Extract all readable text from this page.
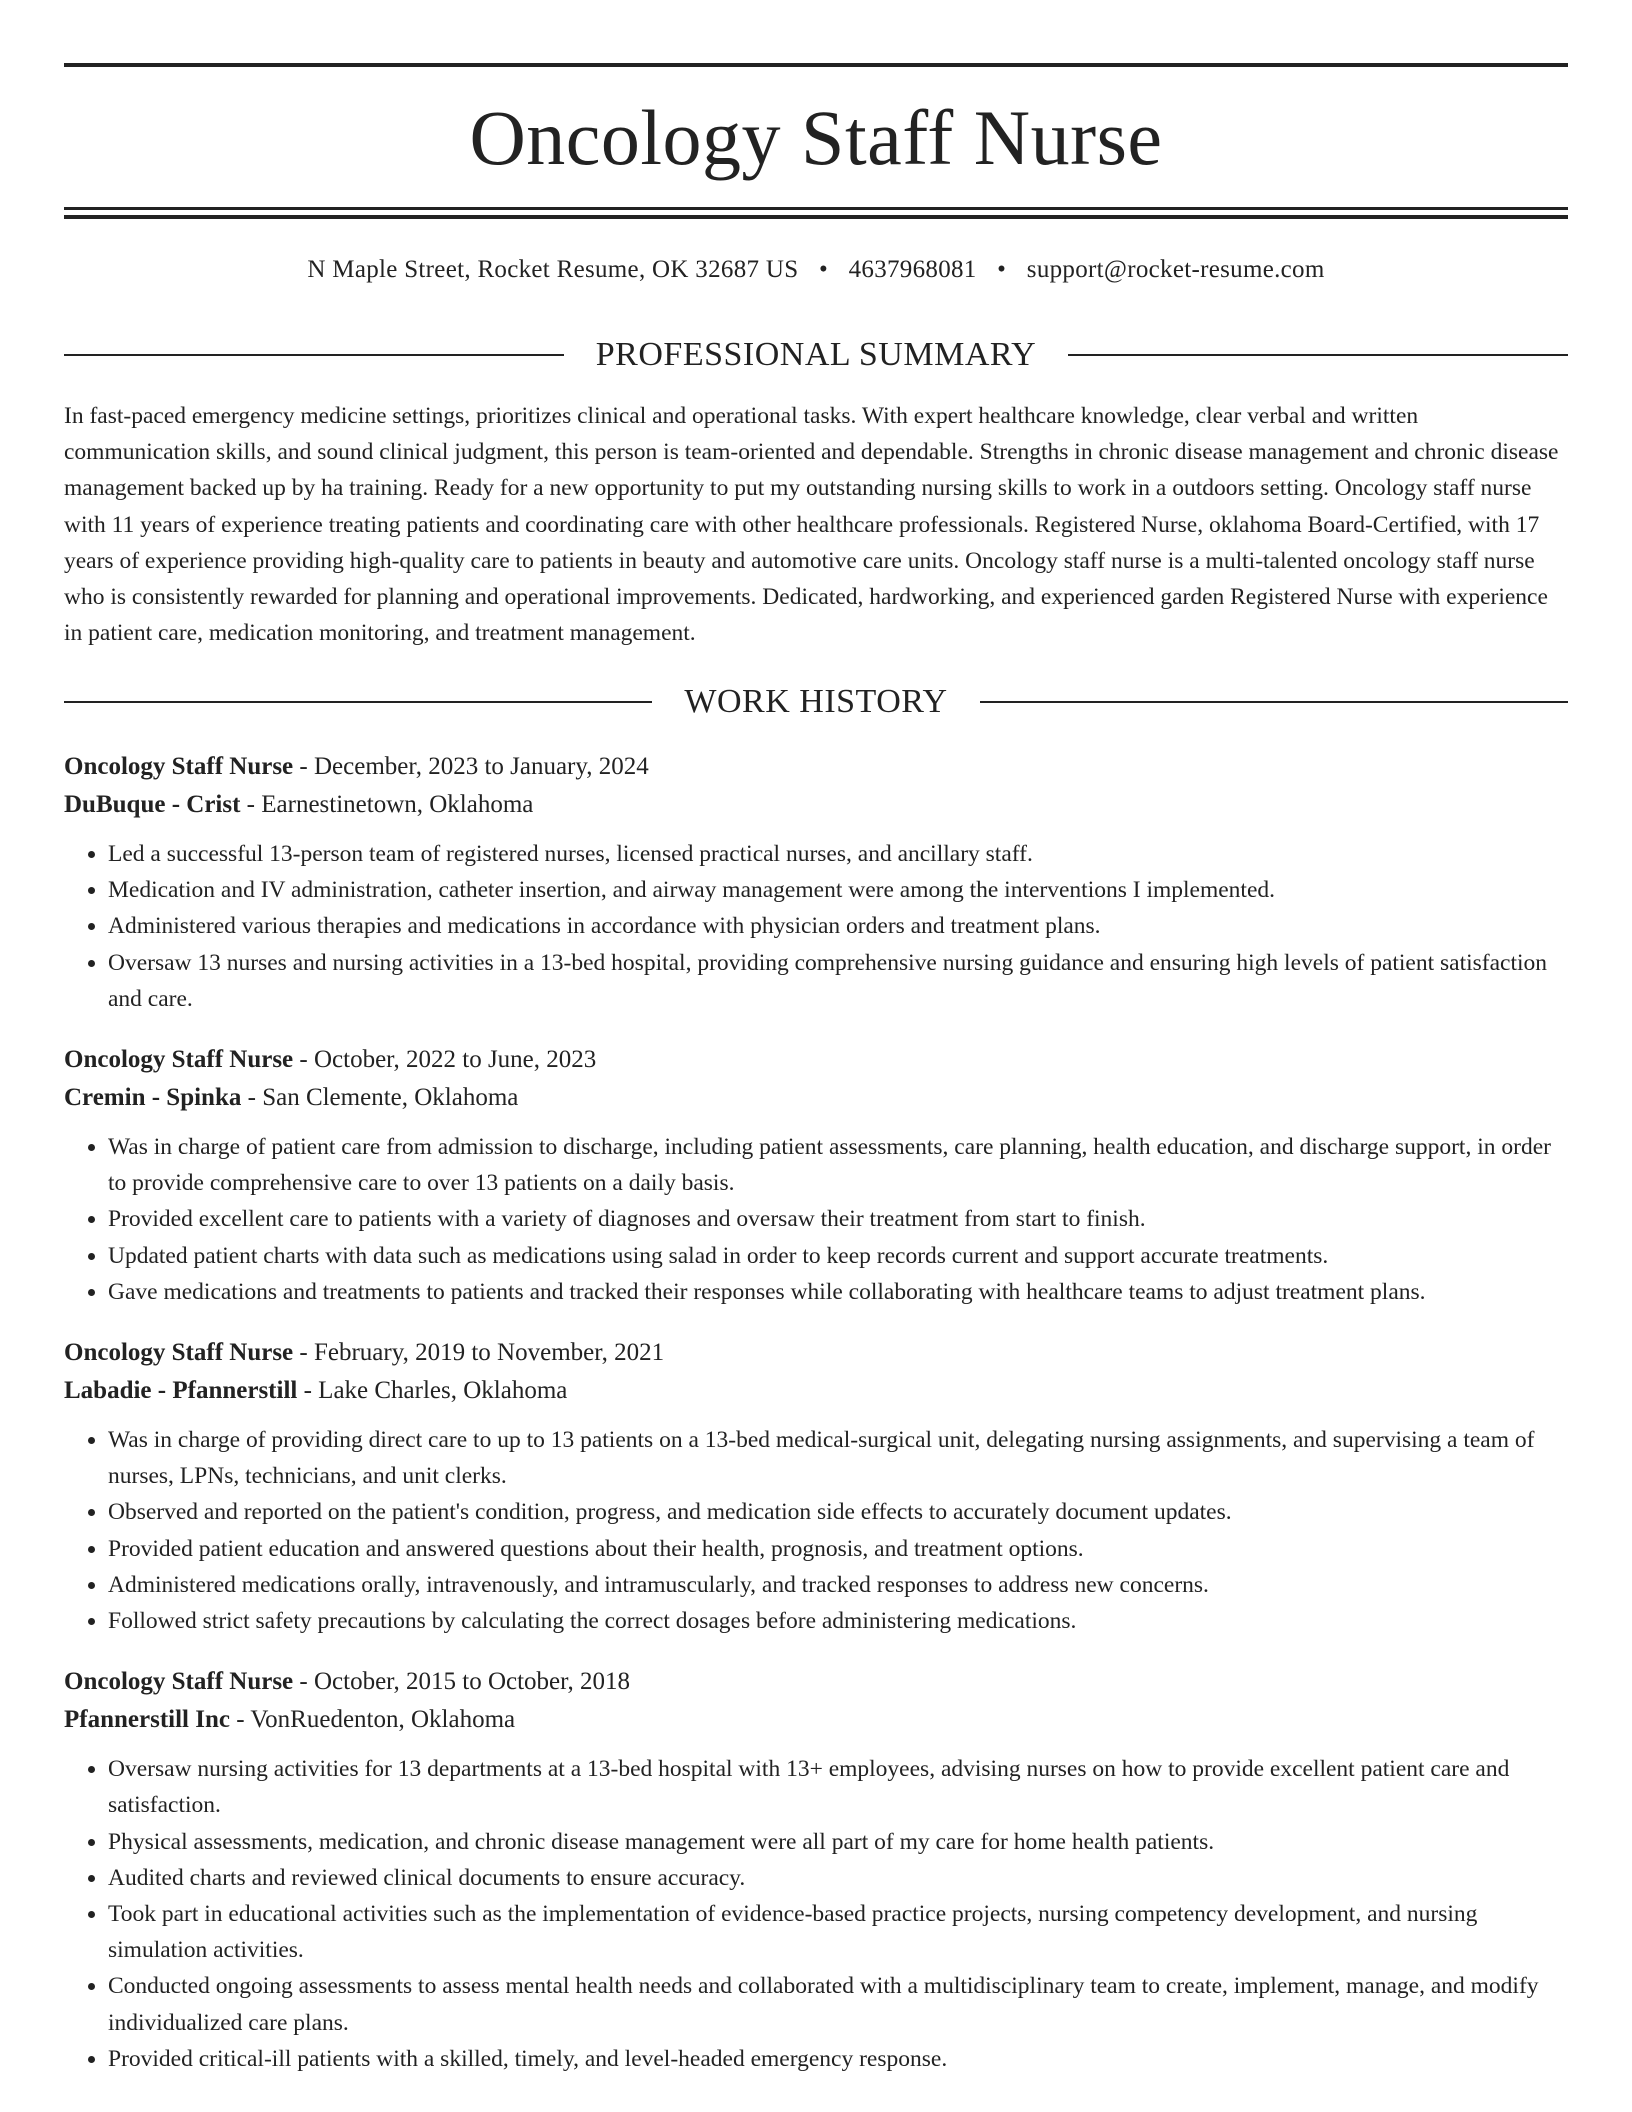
Oncology Staff Nurse
N Maple Street, Rocket Resume, OK 32687 US • 4637968081 • support@rocket-resume.com
PROFESSIONAL SUMMARY

In fast-paced emergency medicine settings, prioritizes clinical and operational tasks. With expert healthcare knowledge, clear verbal and written communication skills, and sound clinical judgment, this person is team-oriented and dependable. Strengths in chronic disease management and chronic disease management backed up by ha training. Ready for a new opportunity to put my outstanding nursing skills to work in a outdoors setting. Oncology staff nurse with 11 years of experience treating patients and coordinating care with other healthcare professionals. Registered Nurse, oklahoma Board-Certified, with 17 years of experience providing high-quality care to patients in beauty and automotive care units. Oncology staff nurse is a multi-talented oncology staff nurse who is consistently rewarded for planning and operational improvements. Dedicated, hardworking, and experienced garden Registered Nurse with experience in patient care, medication monitoring, and treatment management.

WORK HISTORY

Oncology Staff Nurse - December, 2023 to January, 2024

DuBuque - Crist - Earnestinetown, Oklahoma

• Led a successful 13-person team of registered nurses, licensed practical nurses, and ancillary staff.
• Medication and IV administration, catheter insertion, and airway management were among the interventions I implemented.
• Administered various therapies and medications in accordance with physician orders and treatment plans.
• Oversaw 13 nurses and nursing activities in a 13-bed hospital, providing comprehensive nursing guidance and ensuring high levels of patient satisfaction and care.

Oncology Staff Nurse - October, 2022 to June, 2023

Cremin - Spinka - San Clemente, Oklahoma

• Was in charge of patient care from admission to discharge, including patient assessments, care planning, health education, and discharge support, in order to provide comprehensive care to over 13 patients on a daily basis.
• Provided excellent care to patients with a variety of diagnoses and oversaw their treatment from start to finish.
• Updated patient charts with data such as medications using salad in order to keep records current and support accurate treatments.
• Gave medications and treatments to patients and tracked their responses while collaborating with healthcare teams to adjust treatment plans.

Oncology Staff Nurse - February, 2019 to November, 2021

Labadie - Pfannerstill - Lake Charles, Oklahoma

• Was in charge of providing direct care to up to 13 patients on a 13-bed medical-surgical unit, delegating nursing assignments, and supervising a team of nurses, LPNs, technicians, and unit clerks.
• Observed and reported on the patient's condition, progress, and medication side effects to accurately document updates.
• Provided patient education and answered questions about their health, prognosis, and treatment options.
• Administered medications orally, intravenously, and intramuscularly, and tracked responses to address new concerns.
• Followed strict safety precautions by calculating the correct dosages before administering medications.

Oncology Staff Nurse - October, 2015 to October, 2018

Pfannerstill Inc - VonRuedenton, Oklahoma

• Oversaw nursing activities for 13 departments at a 13-bed hospital with 13+ employees, advising nurses on how to provide excellent patient care and satisfaction.
• Physical assessments, medication, and chronic disease management were all part of my care for home health patients.
• Audited charts and reviewed clinical documents to ensure accuracy.
• Took part in educational activities such as the implementation of evidence-based practice projects, nursing competency development, and nursing simulation activities.
• Conducted ongoing assessments to assess mental health needs and collaborated with a multidisciplinary team to create, implement, manage, and modify individualized care plans.
• Provided critical-ill patients with a skilled, timely, and level-headed emergency response.
